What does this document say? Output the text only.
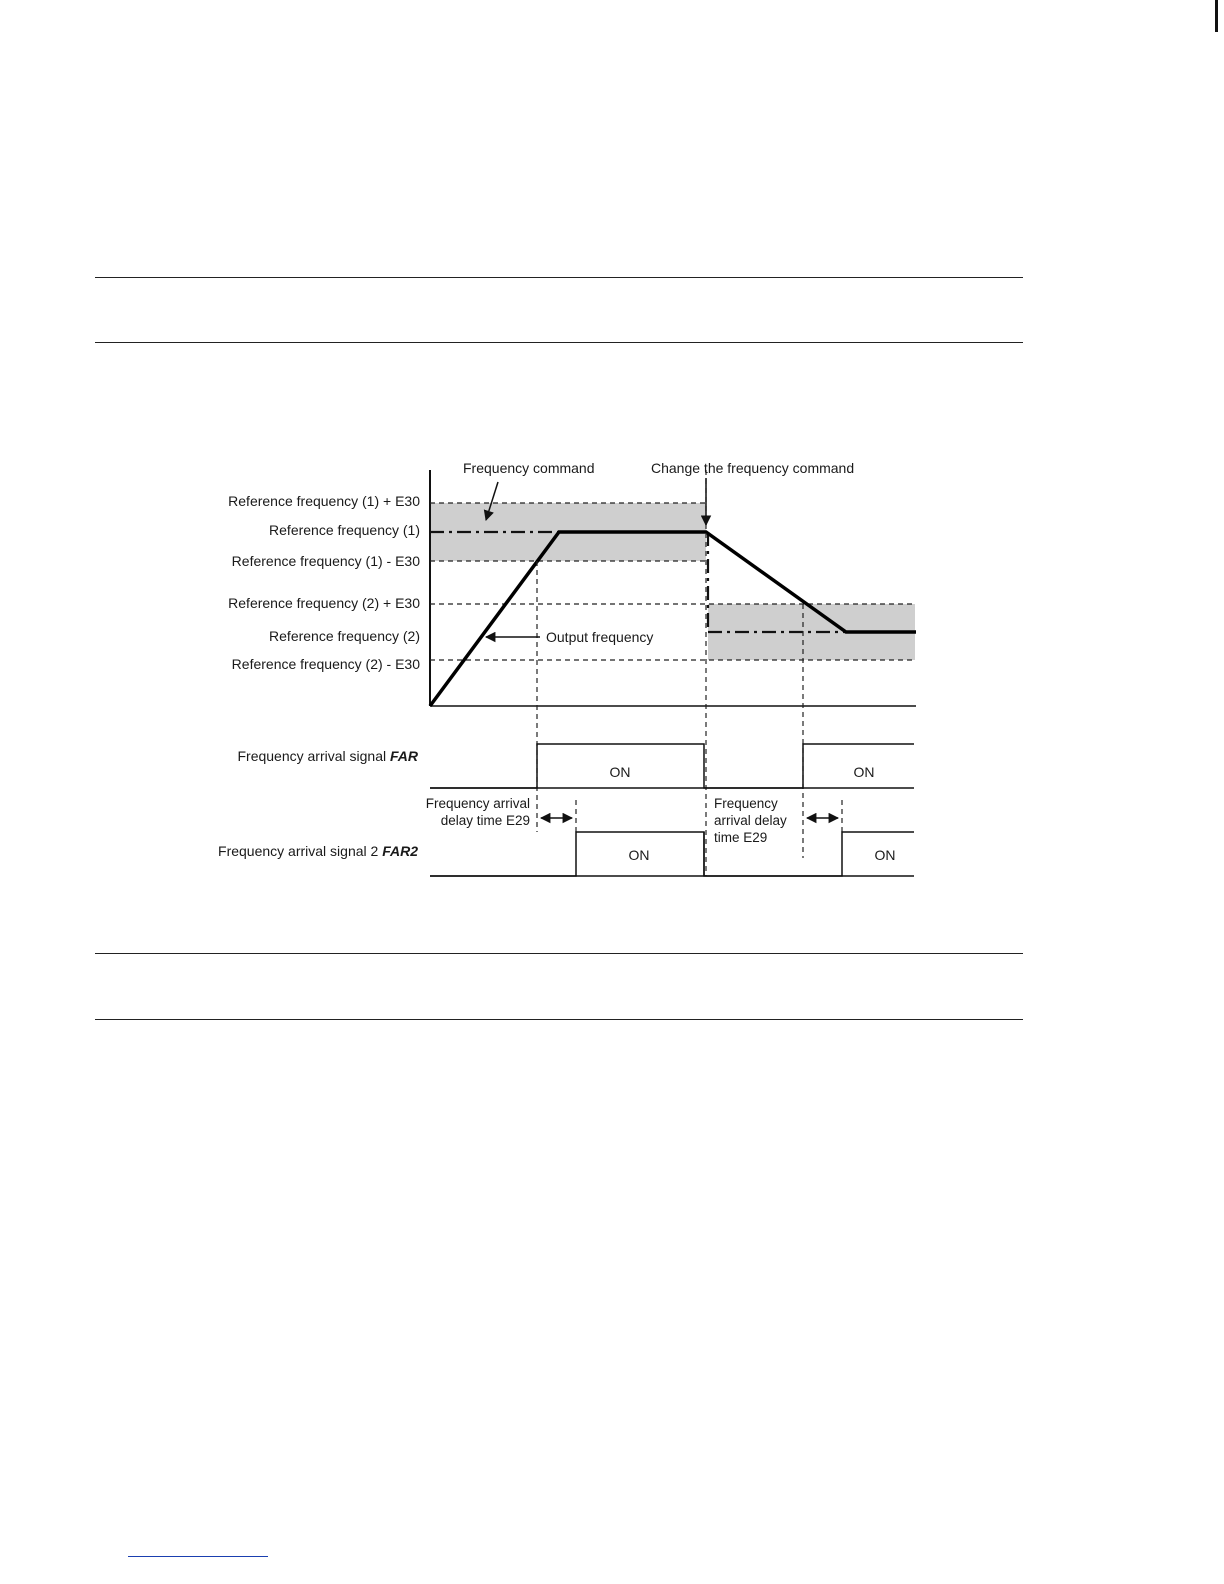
Frequency command	Change the frequency command
Output frequency
Reference frequency (1) + E30
Reference frequency (1)
Reference frequency (1) - E30
Reference frequency (2) + E30
Reference frequency (2)
Reference frequency (2) - E30
Frequency arrival signal FAR
Frequency arrival signal 2 FAR2
ON	ON
ON	ON
Frequency arrival
delay time E29
Frequency
arrival delay
time E29
